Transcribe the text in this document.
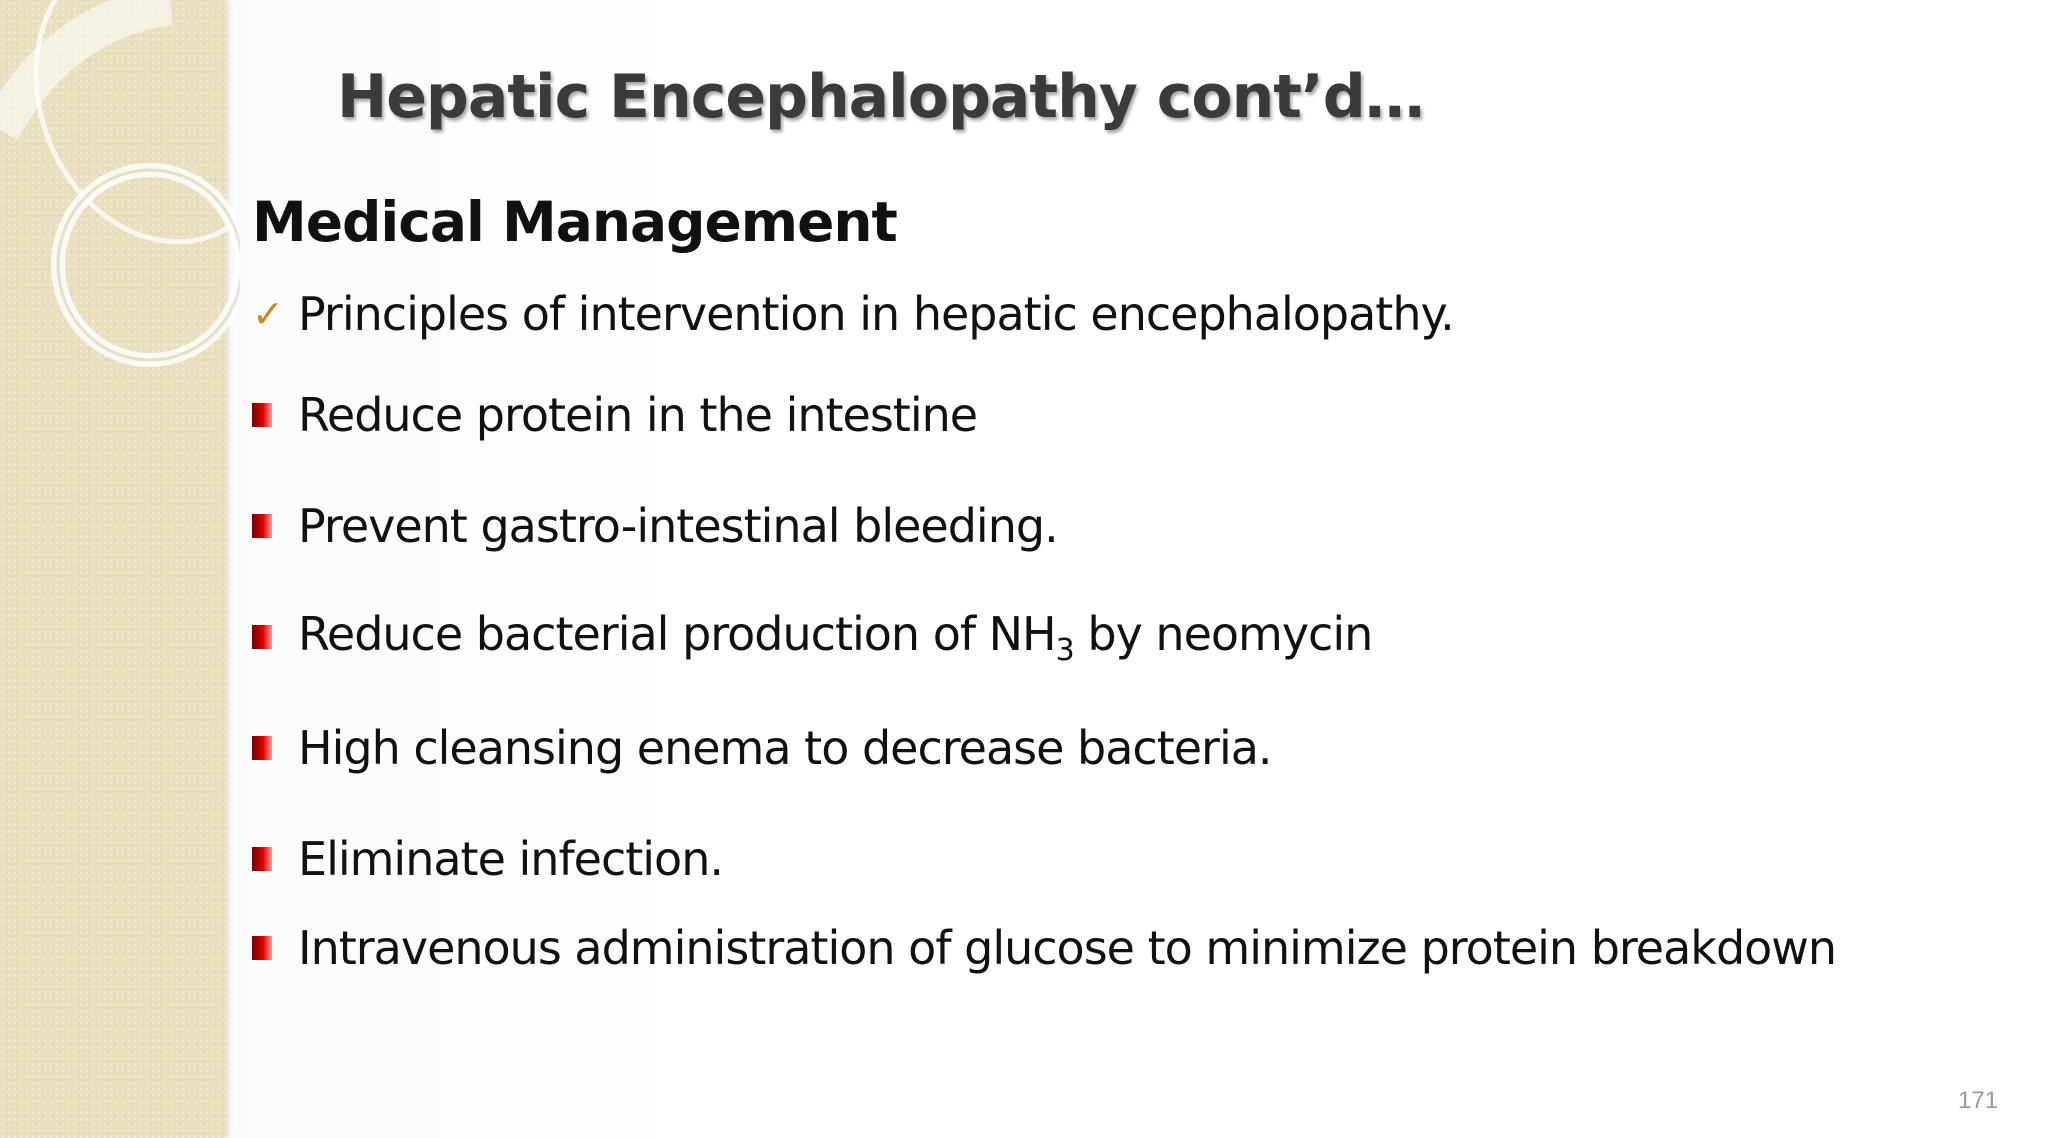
Hepatic Encephalopathy cont’d…
Medical Management
✓ Principles of intervention in hepatic encephalopathy.
Reduce protein in the intestine
Prevent gastro-intestinal bleeding.
Reduce bacterial production of $NH_3$ by neomycin
High cleansing enema to decrease bacteria.
Eliminate infection.
Intravenous administration of glucose to minimize protein breakdown
171
